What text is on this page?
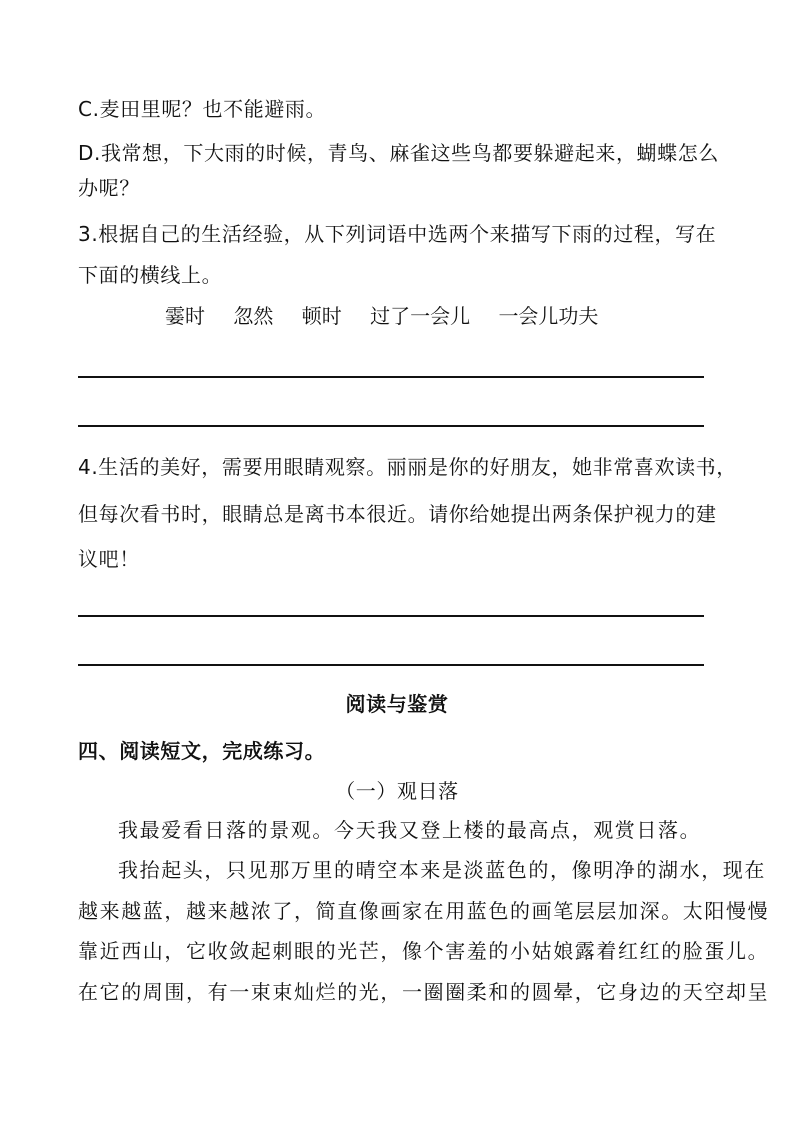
C.麦田里呢？也不能避雨。
D.我常想，下大雨的时候，青鸟、麻雀这些鸟都要躲避起来，蝴蝶怎么
办呢？
3.根据自己的生活经验，从下列词语中选两个来描写下雨的过程，写在
下面的横线上。
霎时 忽然 顿时 过了一会儿 一会儿功夫
4.生活的美好，需要用眼睛观察。丽丽是你的好朋友，她非常喜欢读书，
但每次看书时，眼睛总是离书本很近。请你给她提出两条保护视力的建
议吧！
阅读与鉴赏
四、阅读短文，完成练习。
（一）观日落
我最爱看日落的景观。今天我又登上楼的最高点，观赏日落。
我抬起头，只见那万里的晴空本来是淡蓝色的，像明净的湖水，现在
越来越蓝，越来越浓了，简直像画家在用蓝色的画笔层层加深。太阳慢慢
靠近西山，它收敛起刺眼的光芒，像个害羞的小姑娘露着红红的脸蛋儿。
在它的周围，有一束束灿烂的光，一圈圈柔和的圆晕，它身边的天空却呈
